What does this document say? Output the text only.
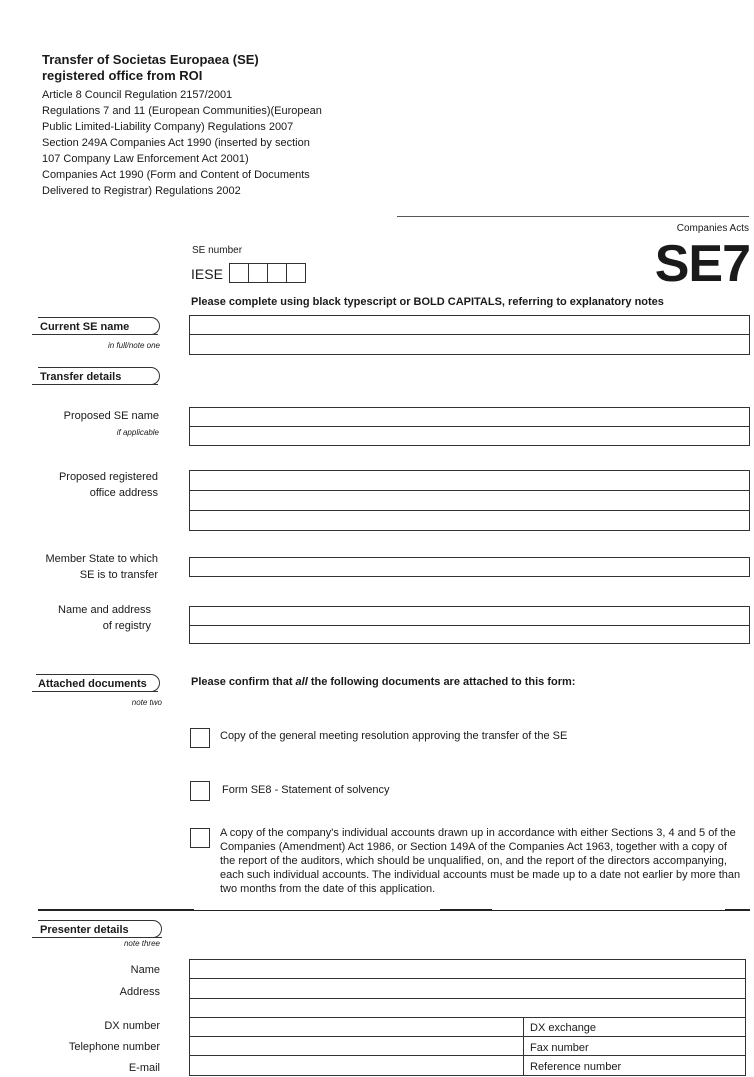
Transfer of Societas Europaea (SE)
registered office from ROI
Article 8 Council Regulation 2157/2001
Regulations 7 and 11 (European Communities)(European
Public Limited-Liability Company) Regulations 2007
Section 249A Companies Act 1990 (inserted by section
107 Company Law Enforcement Act 2001)
Companies Act 1990 (Form and Content of Documents
Delivered to Registrar) Regulations 2002
Companies Acts
SE7
SE number
IESE
Please complete using black typescript or BOLD CAPITALS, referring to explanatory notes
Current SE name
in full/note one
Transfer details
Proposed SE name
if applicable
Proposed registered
office address
Member State to which
SE is to transfer
Name and address
of registry
Attached documents
note two
Please confirm that all the following documents are attached to this form:
Copy of the general meeting resolution approving the transfer of the SE
Form SE8 - Statement of solvency
A copy of the company's individual accounts drawn up in accordance with either Sections 3, 4 and 5 of the Companies (Amendment) Act 1986, or Section 149A of the Companies Act 1963, together with a copy of the report of the auditors, which should be unqualified, on, and the report of the directors accompanying, each such individual accounts. The individual accounts must be made up to a date not earlier by more than two months from the date of this application.
Presenter details
note three
Name
Address
DX number
Telephone number
E-mail
DX exchange
Fax number
Reference number
